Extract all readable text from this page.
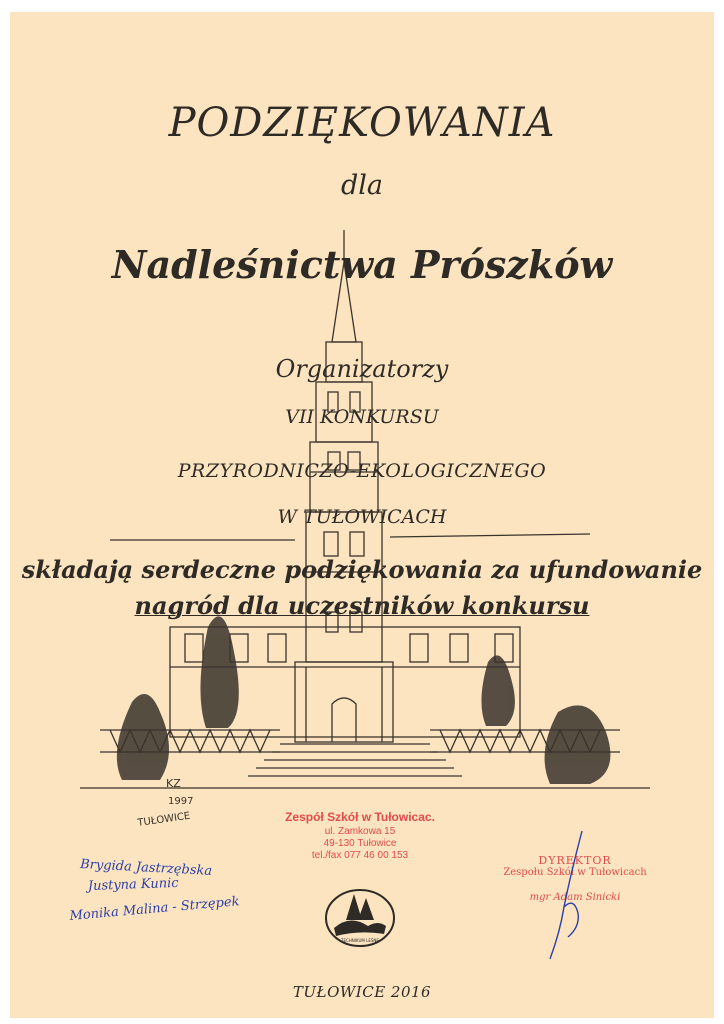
KZ
1997
TUŁOWICE
PODZIĘKOWANIA
dla
Nadleśnictwa Prószków
Organizatorzy
VII KONKURSU
PRZYRODNICZO-EKOLOGICZNEGO
W TUŁOWICACH
składają serdeczne podziękowania za ufundowanie
nagród dla uczestników konkursu
Brygida Jastrzębska
Justyna Kunic
Monika Malina - Strzępek
Zespół Szkół w Tułowicac.
ul. Zamkowa 15
49-130 Tułowice
tel./fax 077 46 00 153
TECHNIKUM LEŚNE
DYREKTOR
Zespołu Szkół w Tułowicach
mgr Adam Sinicki
TUŁOWICE 2016
